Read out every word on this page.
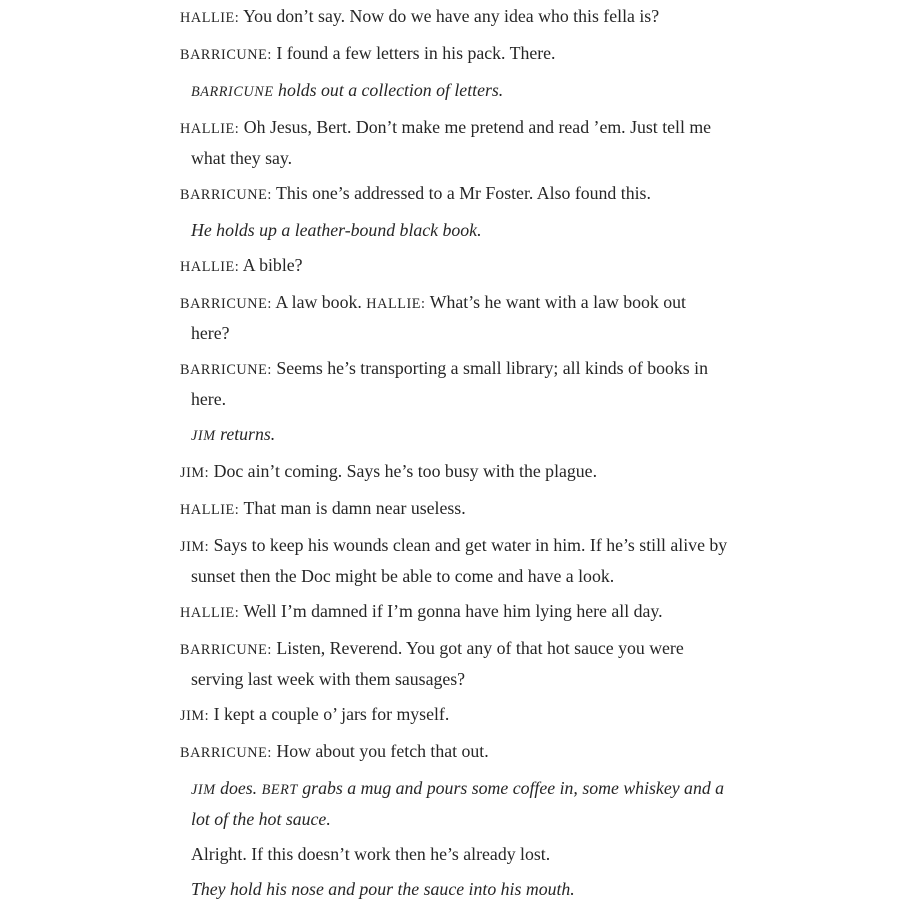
HALLIE: You don’t say. Now do we have any idea who this fella is?

BARRICUNE: I found a few letters in his pack. There.

BARRICUNE holds out a collection of letters.

HALLIE: Oh Jesus, Bert. Don’t make me pretend and read ’em. Just tell me what they say.

BARRICUNE: This one’s addressed to a Mr Foster. Also found this.

He holds up a leather-bound black book.

HALLIE: A bible?

BARRICUNE: A law book. HALLIE: What’s he want with a law book out here?

BARRICUNE: Seems he’s transporting a small library; all kinds of books in here.

JIM returns.

JIM: Doc ain’t coming. Says he’s too busy with the plague.

HALLIE: That man is damn near useless.

JIM: Says to keep his wounds clean and get water in him. If he’s still alive by sunset then the Doc might be able to come and have a look.

HALLIE: Well I’m damned if I’m gonna have him lying here all day.

BARRICUNE: Listen, Reverend. You got any of that hot sauce you were serving last week with them sausages?

JIM: I kept a couple o’ jars for myself.

BARRICUNE: How about you fetch that out.

JIM does. BERT grabs a mug and pours some coffee in, some whiskey and a lot of the hot sauce.

Alright. If this doesn’t work then he’s already lost.

They hold his nose and pour the sauce into his mouth.
